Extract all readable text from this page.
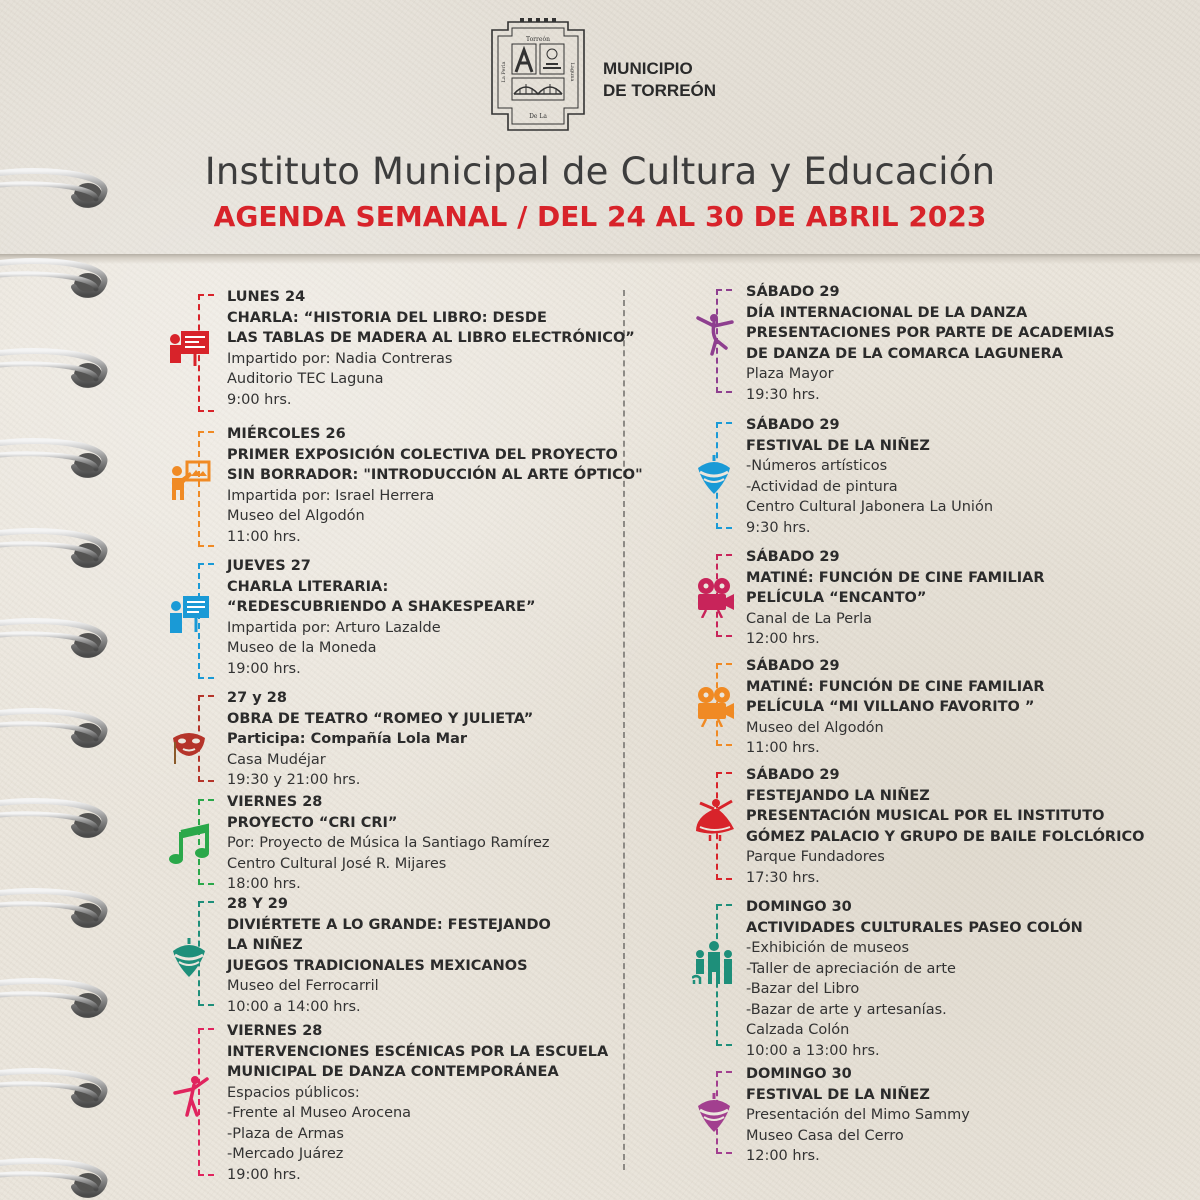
Torreón
La Perla	Laguna
De La
MUNICIPIO
DE TORREÓN
Instituto Municipal de Cultura y Educación
AGENDA SEMANAL / DEL 24 AL 30 DE ABRIL 2023
LUNES 24
CHARLA: “HISTORIA DEL LIBRO: DESDE
LAS TABLAS DE MADERA AL LIBRO ELECTRÓNICO”
Impartido por: Nadia Contreras
Auditorio TEC Laguna
9:00 hrs.
MIÉRCOLES 26
PRIMER EXPOSICIÓN COLECTIVA DEL PROYECTO
SIN BORRADOR: "INTRODUCCIÓN AL ARTE ÓPTICO"
Impartida por: Israel Herrera
Museo del Algodón
11:00 hrs.
JUEVES 27
CHARLA LITERARIA:
“REDESCUBRIENDO A SHAKESPEARE”
Impartida por: Arturo Lazalde
Museo de la Moneda
19:00 hrs.
27 y 28
OBRA DE TEATRO “ROMEO Y JULIETA”
Participa: Compañía Lola Mar
Casa Mudéjar
19:30 y 21:00 hrs.
VIERNES 28
PROYECTO “CRI CRI”
Por: Proyecto de Música la Santiago Ramírez
Centro Cultural José R. Mijares
18:00 hrs.
28 Y 29
DIVIÉRTETE A LO GRANDE: FESTEJANDO
LA NIÑEZ
JUEGOS TRADICIONALES MEXICANOS
Museo del Ferrocarril
10:00 a 14:00 hrs.
VIERNES 28
INTERVENCIONES ESCÉNICAS POR LA ESCUELA
MUNICIPAL DE DANZA CONTEMPORÁNEA
Espacios públicos:
-Frente al Museo Arocena
-Plaza de Armas
-Mercado Juárez
19:00 hrs.
SÁBADO 29
DÍA INTERNACIONAL DE LA DANZA
PRESENTACIONES POR PARTE DE ACADEMIAS
DE DANZA DE LA COMARCA LAGUNERA
Plaza Mayor
19:30 hrs.
SÁBADO 29
FESTIVAL DE LA NIÑEZ
-Números artísticos
-Actividad de pintura
Centro Cultural Jabonera La Unión
9:30 hrs.
SÁBADO 29
MATINÉ: FUNCIÓN DE CINE FAMILIAR
PELÍCULA “ENCANTO”
Canal de La Perla
12:00 hrs.
SÁBADO 29
MATINÉ: FUNCIÓN DE CINE FAMILIAR
PELÍCULA “MI VILLANO FAVORITO ”
Museo del Algodón
11:00 hrs.
SÁBADO 29
FESTEJANDO LA NIÑEZ
PRESENTACIÓN MUSICAL POR EL INSTITUTO
GÓMEZ PALACIO Y GRUPO DE BAILE FOLCLÓRICO
Parque Fundadores
17:30 hrs.
DOMINGO 30
ACTIVIDADES CULTURALES PASEO COLÓN
-Exhibición de museos
-Taller de apreciación de arte
-Bazar del Libro
-Bazar de arte y artesanías.
Calzada Colón
10:00 a 13:00 hrs.
DOMINGO 30
FESTIVAL DE LA NIÑEZ
Presentación del Mimo Sammy
Museo Casa del Cerro
12:00 hrs.
